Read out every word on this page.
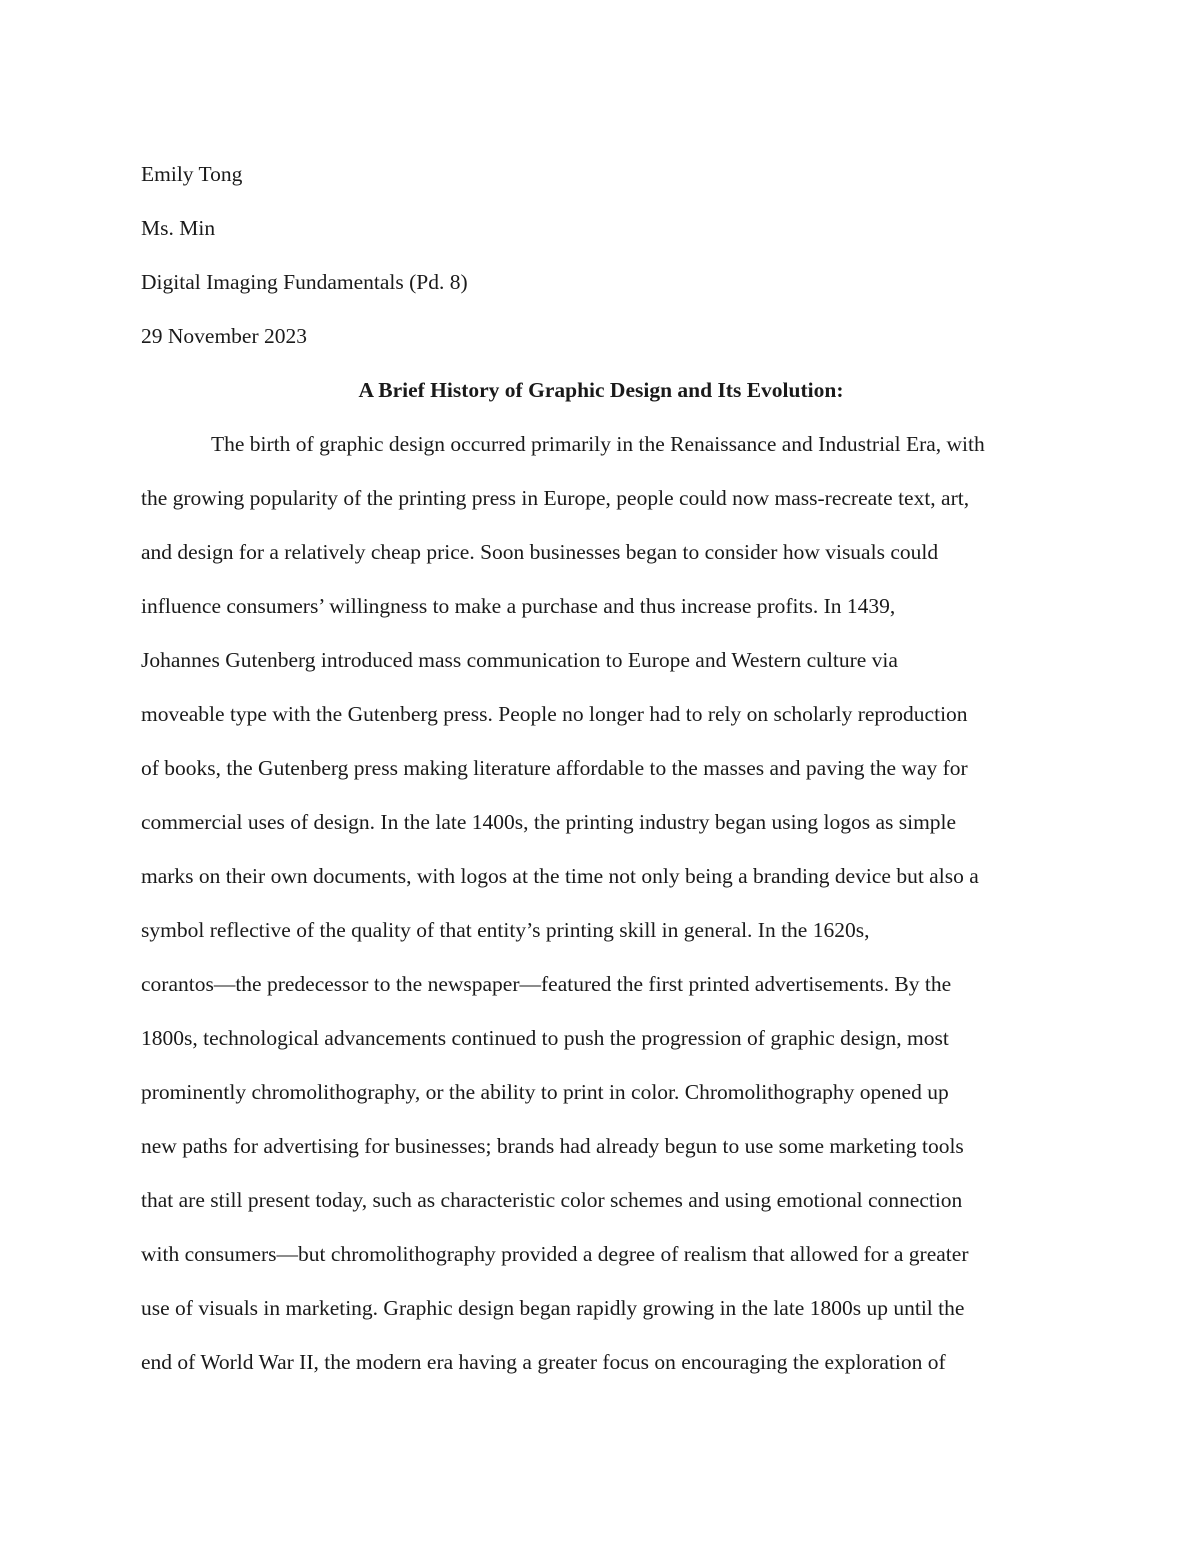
Emily Tong
Ms. Min
Digital Imaging Fundamentals (Pd. 8)
29 November 2023
A Brief History of Graphic Design and Its Evolution:
The birth of graphic design occurred primarily in the Renaissance and Industrial Era, with
the growing popularity of the printing press in Europe, people could now mass-recreate text, art,
and design for a relatively cheap price. Soon businesses began to consider how visuals could
influence consumers’ willingness to make a purchase and thus increase profits. In 1439,
Johannes Gutenberg introduced mass communication to Europe and Western culture via
moveable type with the Gutenberg press. People no longer had to rely on scholarly reproduction
of books, the Gutenberg press making literature affordable to the masses and paving the way for
commercial uses of design. In the late 1400s, the printing industry began using logos as simple
marks on their own documents, with logos at the time not only being a branding device but also a
symbol reflective of the quality of that entity’s printing skill in general. In the 1620s,
corantos—the predecessor to the newspaper—featured the first printed advertisements. By the
1800s, technological advancements continued to push the progression of graphic design, most
prominently chromolithography, or the ability to print in color. Chromolithography opened up
new paths for advertising for businesses; brands had already begun to use some marketing tools
that are still present today, such as characteristic color schemes and using emotional connection
with consumers—but chromolithography provided a degree of realism that allowed for a greater
use of visuals in marketing. Graphic design began rapidly growing in the late 1800s up until the
end of World War II, the modern era having a greater focus on encouraging the exploration of
